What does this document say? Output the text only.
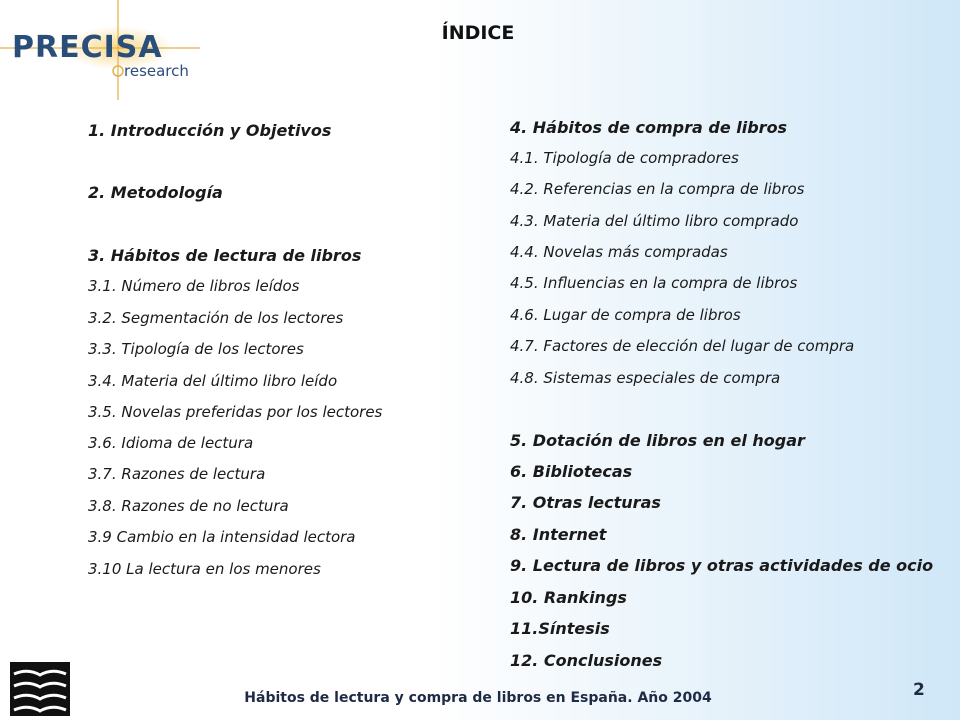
PRECISA
research
ÍNDICE
1. Introducción y Objetivos
2. Metodología
3. Hábitos de lectura de libros
3.1. Número de libros leídos
3.2. Segmentación de los lectores
3.3. Tipología de los lectores
3.4. Materia del último libro leído
3.5. Novelas preferidas por los lectores
3.6. Idioma de lectura
3.7. Razones de lectura
3.8. Razones de no lectura
3.9 Cambio en la intensidad lectora
3.10 La lectura en los menores
4. Hábitos de compra de libros
4.1. Tipología de compradores
4.2. Referencias en la compra de libros
4.3. Materia del último libro comprado
4.4. Novelas más compradas
4.5. Influencias en la compra de libros
4.6. Lugar de compra de libros
4.7. Factores de elección del lugar de compra
4.8. Sistemas especiales de compra
5. Dotación de libros en el hogar
6. Bibliotecas
7. Otras lecturas
8. Internet
9. Lectura de libros y otras actividades de ocio
10. Rankings
11.Síntesis
12. Conclusiones
Hábitos de lectura y compra de libros en España. Año 2004	2
